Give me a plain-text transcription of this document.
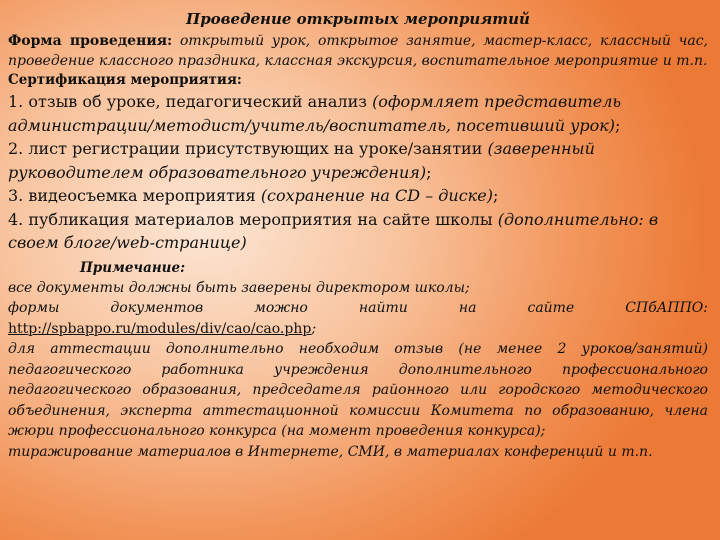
Проведение открытых мероприятий

Форма проведения: открытый урок, открытое занятие, мастер-класс, классный час, проведение классного праздника, классная экскурсия, воспитательное мероприятие и т.п.

Сертификация мероприятия:

1. отзыв об уроке, педагогический анализ (оформляет представитель администрации/методист/учитель/воспитатель, посетивший урок);

2. лист регистрации присутствующих на уроке/занятии (заверенный руководителем образовательного учреждения);

3. видеосъемка мероприятия (сохранение на CD – диске);

4. публикация материалов мероприятия на сайте школы (дополнительно: в своем блоге/web-странице)

Примечание:

все документы должны быть заверены директором школы;

формы документов можно найти на сайте СПбАППО: http://spbappo.ru/modules/div/cao/cao.php;

для аттестации дополнительно необходим отзыв (не менее 2 уроков/занятий) педагогического работника учреждения дополнительного профессионального педагогического образования, председателя районного или городского методического объединения, эксперта аттестационной комиссии Комитета по образованию, члена жюри профессионального конкурса (на момент проведения конкурса);

тиражирование материалов в Интернете, СМИ, в материалах конференций и т.п.
